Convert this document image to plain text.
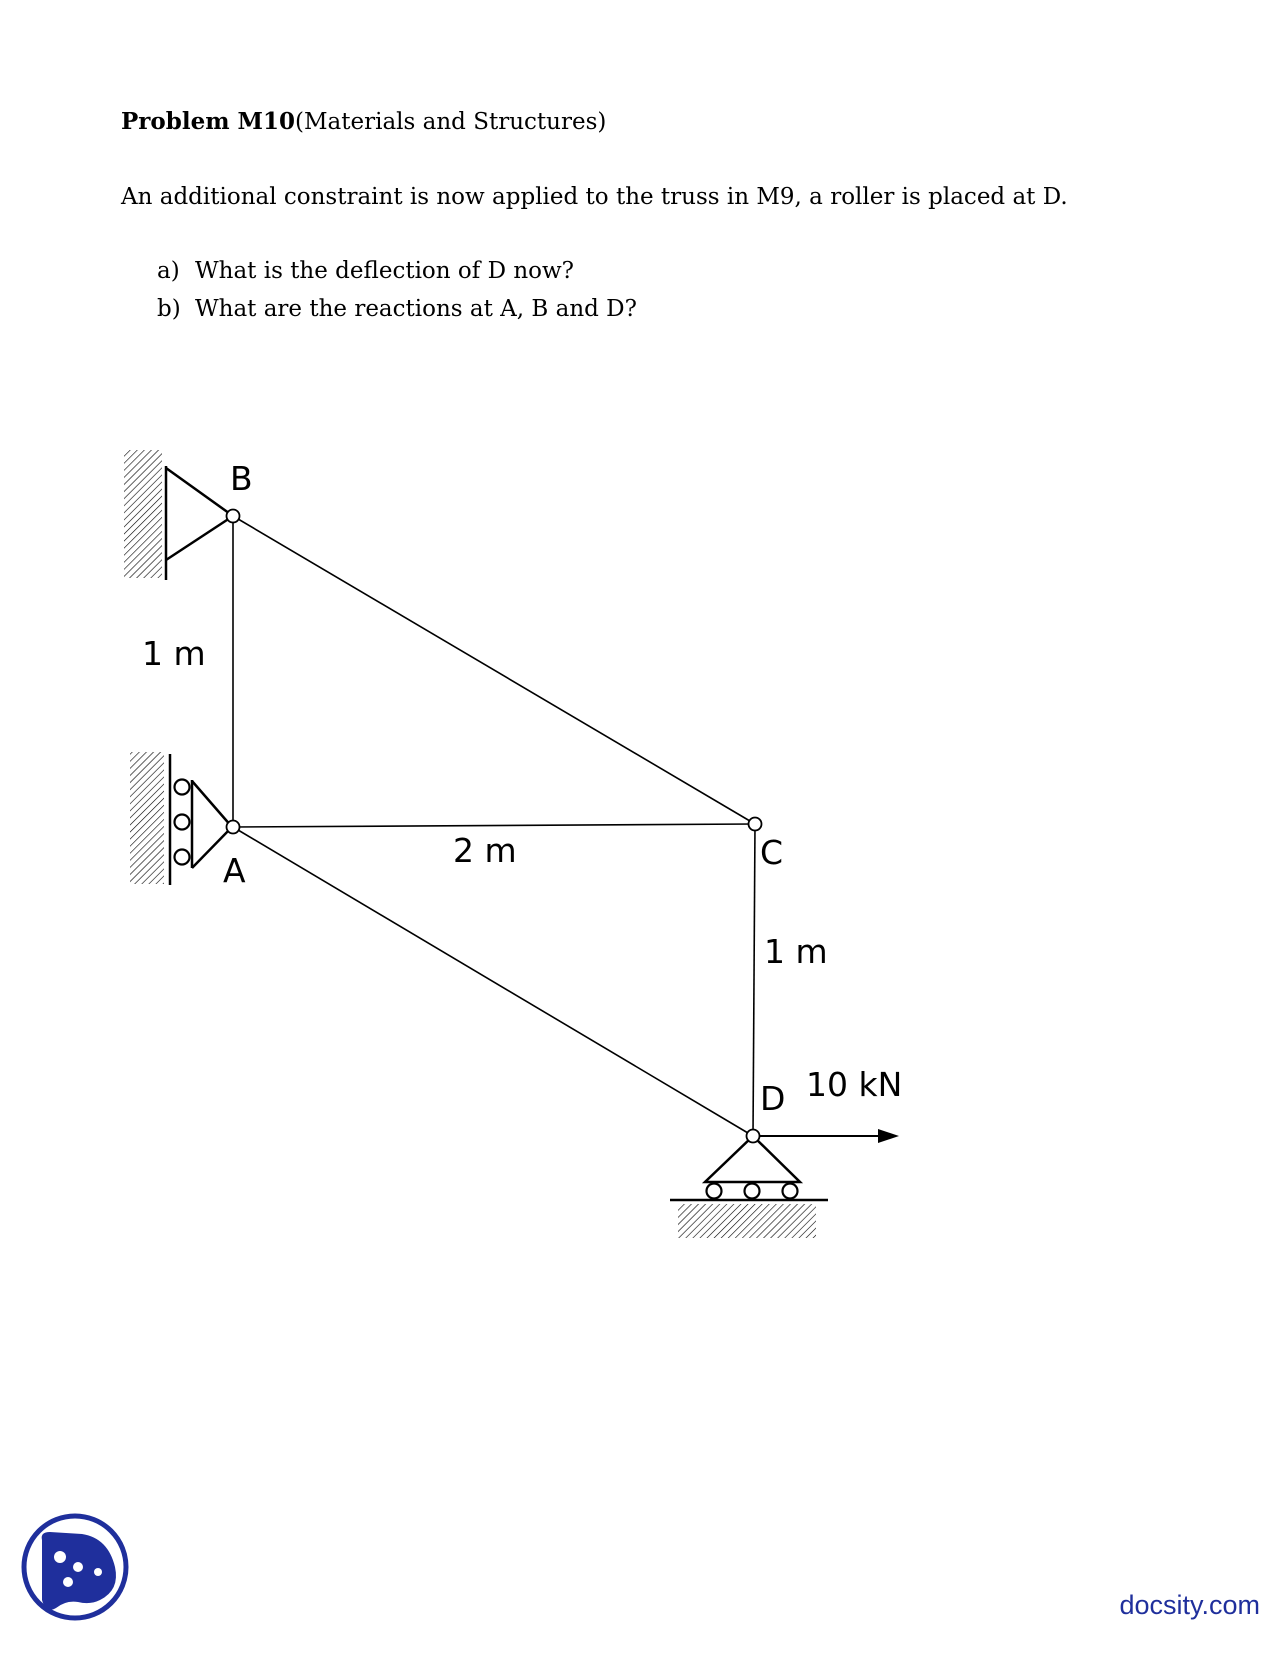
Problem M10(Materials and Structures)
An additional constraint is now applied to the truss in M9, a roller is placed at D.
a) What is the deflection of D now?
b) What are the reactions at A, B and D?
B
A	C
D
1 m
2 m
1 m
10 kN
docsity.com
